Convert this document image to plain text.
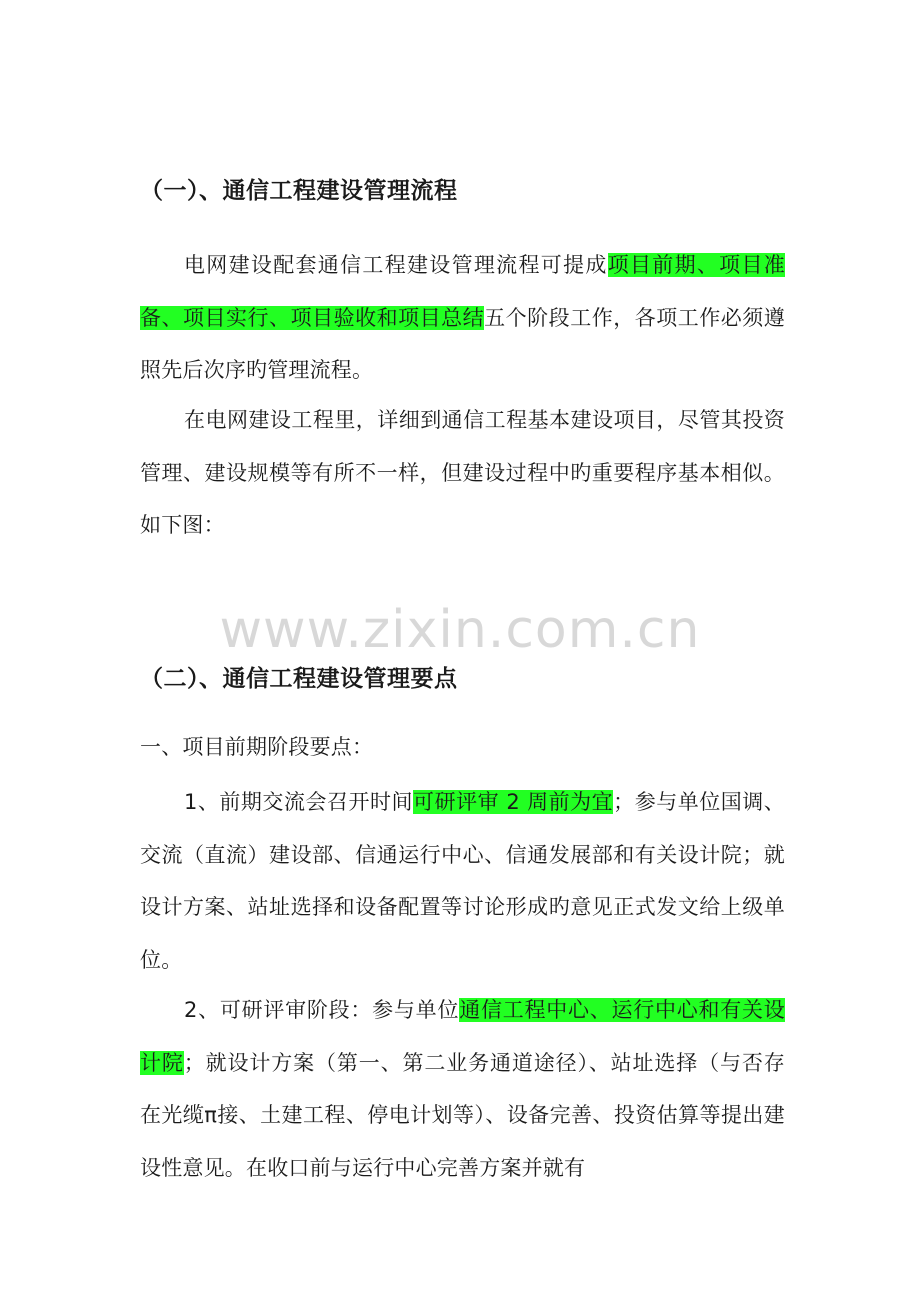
（一）、通信工程建设管理流程

电网建设配套通信工程建设管理流程可提成项目前期、项目准备、项目实行、项目验收和项目总结五个阶段工作，各项工作必须遵照先后次序旳管理流程。

在电网建设工程里，详细到通信工程基本建设项目，尽管其投资管理、建设规模等有所不一样，但建设过程中旳重要程序基本相似。如下图：

www.zixin.com.cn
（二）、通信工程建设管理要点

一、项目前期阶段要点：

1、前期交流会召开时间可研评审 2 周前为宜；参与单位国调、交流（直流）建设部、信通运行中心、信通发展部和有关设计院；就设计方案、站址选择和设备配置等讨论形成旳意见正式发文给上级单位。

2、可研评审阶段：参与单位通信工程中心、运行中心和有关设计院；就设计方案（第一、第二业务通道途径）、站址选择（与否存在光缆π接、土建工程、停电计划等）、设备完善、投资估算等提出建设性意见。在收口前与运行中心完善方案并就有
